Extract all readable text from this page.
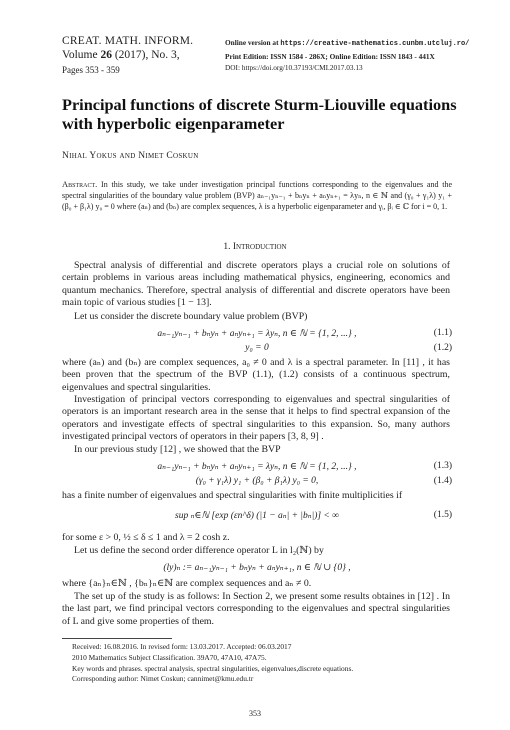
CREAT. MATH. INFORM.
Volume 26 (2017), No. 3,
Pages 353 - 359
Online version at https://creative-mathematics.cunbm.utcluj.ro/
Print Edition: ISSN 1584 - 286X; Online Edition: ISSN 1843 - 441X
DOI: https://doi.org/10.37193/CMI.2017.03.13
Principal functions of discrete Sturm-Liouville equations with hyperbolic eigenparameter
Nihal Yokus and Nimet Coskun
Abstract. In this study, we take under investigation principal functions corresponding to the eigenvalues and the spectral singularities of the boundary value problem (BVP) aₙ₋₁yₙ₋₁ + bₙyₙ + aₙyₙ₊₁ = λyₙ, n ∈ ℕ and (γ₀ + γ₁λ) y₁ + (β₀ + β₁λ) y₀ = 0 where (aₙ) and (bₙ) are complex sequences, λ is a hyperbolic eigenparameter and γᵢ, βᵢ ∈ ℂ for i = 0, 1.
1. Introduction
Spectral analysis of differential and discrete operators plays a crucial role on solutions of certain problems in various areas including mathematical physics, engineering, economics and quantum mechanics. Therefore, spectral analysis of differential and discrete operators have been main topic of various studies [1 − 13].
Let us consider the discrete boundary value problem (BVP)
aₙ₋₁yₙ₋₁ + bₙyₙ + aₙyₙ₊₁ = λyₙ, n ∈ ℕ = {1, 2, ...} ,	(1.1)
y₀ = 0	(1.2)
where (aₙ) and (bₙ) are complex sequences, a₀ ≠ 0 and λ is a spectral parameter. In [11] , it has been proven that the spectrum of the BVP (1.1), (1.2) consists of a continuous spectrum, eigenvalues and spectral singularities.
Investigation of principal vectors corresponding to eigenvalues and spectral singularities of operators is an important research area in the sense that it helps to find spectral expansion of the operators and investigate effects of spectral singularities to this expansion. So, many authors investigated principal vectors of operators in their papers [3, 8, 9] .
In our previous study [12] , we showed that the BVP
aₙ₋₁yₙ₋₁ + bₙyₙ + aₙyₙ₊₁ = λyₙ, n ∈ ℕ = {1, 2, ...} ,	(1.3)
(γ₀ + γ₁λ) y₁ + (β₀ + β₁λ) y₀ = 0,	(1.4)
has a finite number of eigenvalues and spectral singularities with finite multiplicities if
sup ₙ∈ℕ [exp (εn^δ) (|1 − aₙ| + |bₙ|)] < ∞	(1.5)
for some ε > 0, ½ ≤ δ ≤ 1 and λ = 2 cosh z.
Let us define the second order difference operator L in l₂(ℕ) by
(ly)ₙ := aₙ₋₁yₙ₋₁ + bₙyₙ + aₙyₙ₊₁, n ∈ ℕ ∪ {0} ,
where {aₙ}ₙ∈ℕ , {bₙ}ₙ∈ℕ are complex sequences and aₙ ≠ 0.
The set up of the study is as follows: In Section 2, we present some results obtaines in [12] . In the last part, we find principal vectors corresponding to the eigenvalues and spectral singularities of L and give some properties of them.
Received: 16.08.2016. In revised form: 13.03.2017. Accepted: 06.03.2017
2010 Mathematics Subject Classification. 39A70, 47A10, 47A75.
Key words and phrases. spectral analysis, spectral singularities, eigenvalues,discrete equations.
Corresponding author: Nimet Coskun; cannimet@kmu.edu.tr
353
